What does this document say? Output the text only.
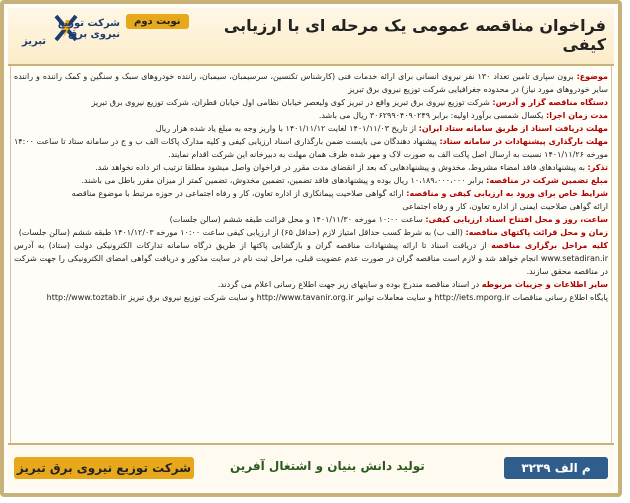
شرکت توزیع نیروی برق
تبریز
نوبت دوم	فراخوان مناقصه عمومی یک مرحله ای با ارزیابی کیفی

موضوع: برون سپاری تامین تعداد ۱۳۰ نفر نیروی انسانی برای ارائه خدمات فنی (کارشناس تکنسین، سرسیمبان، سیمبان، راننده خودروهای سبک و سنگین و کمک راننده و راننده سایر خودروهای مورد نیاز) در محدوده جغرافیایی شرکت توزیع نیروی برق تبریز

دستگاه مناقصه گزار و آدرس: شرکت توزیع نیروی برق تبریز واقع در تبریز کوی ولیعصر خیابان نظامی اول خیابان قطران، شرکت توزیع نیروی برق تبریز

مدت زمان اجرا: یکسال شمسی برآورد اولیه: برابر ۳۰۶۲۹۹۰۴۰۹۰۲۴۹ ریال می باشد.

مهلت دریافت اسناد از طریق سامانه ستاد ایران: از تاریخ ۱۴۰۱/۱۱/۰۳ لغایت ۱۴۰۱/۱۱/۱۲ با واریز وجه به مبلغ یاد شده هزار ریال

مهلت بارگذاری پیشنهادات در سامانه ستاد: پیشنهاد دهندگان می بایست ضمن بارگذاری اسناد ارزیابی کیفی و کلیه مدارک پاکات الف ب و ج در سامانه ستاد تا ساعت ۱۴:۰۰ مورخه ۱۴۰۱/۱۱/۲۶ نسبت به ارسال اصل پاکت الف به صورت لاک و مهر شده ظرف همان مهلت به دبیرخانه این شرکت اقدام نمایند.

تذکر: به پیشنهادهای فاقد امضاء مشروط، مخدوش و پیشنهادهایی که بعد از انقضای مدت مقرر در فراخوان واصل میشود مطلقا ترتیب اثر داده نخواهد شد.

مبلغ تضمین شرکت در مناقصه: برابر ۱۰،۱۸۹،۰۰۰،۰۰۰ ریال بوده و پیشنهادهای فاقد تضمین، تضمین مخدوش، تضمین کمتر از میزان مقرر باطل می باشند.

شرایط خاص برای ورود به ارزیابی کیفی و مناقصه: ارائه گواهی صلاحیت پیمانکاری از اداره تعاون، کار و رفاه اجتماعی در حوزه مرتبط با موضوع مناقصه

ارائه گواهی صلاحیت ایمنی از اداره تعاون، کار و رفاه اجتماعی

ساعت، روز و محل افتتاح اسناد ارزیابی کیفی: ساعت ۱۰:۰۰ مورخه ۱۴۰۱/۱۱/۳۰ و محل قرائت طبقه ششم (سالن جلسات)

زمان و محل قرائت پاکتهای مناقصه: (الف ب) به شرط کسب حداقل امتیاز لازم (حداقل ۶۵) از ارزیابی کیفی ساعت ۱۰:۰۰ مورخه ۱۴۰۱/۱۲/۰۳ طبقه ششم (سالن جلسات)

کلیه مراحل برگزاری مناقصه از دریافت اسناد تا ارائه پیشنهادات مناقصه گران و بازگشایی پاکتها از طریق درگاه سامانه تدارکات الکترونیکی دولت (ستاد) به آدرس www.setadiran.ir انجام خواهد شد و لازم است مناقصه گران در صورت عدم عضویت قبلی، مراحل ثبت نام در سایت مذکور و دریافت گواهی امضای الکترونیکی را جهت شرکت در مناقصه محقق سازند.

سایر اطلاعات و جزییات مربوطه در اسناد مناقصه مندرج بوده و سایتهای زیر جهت اطلاع رسانی اعلام می گردند.

پایگاه اطلاع رسانی مناقصات http://iets.mporg.ir و سایت معاملات توانیر http://www.tavanir.org.ir و سایت شرکت توزیع نیروی برق تبریز http://www.toztab.ir

شرکت توزیع نیروی برق تبریز	تولید دانش بنیان و اشتغال آفرین	م الف ۳۲۳۹
